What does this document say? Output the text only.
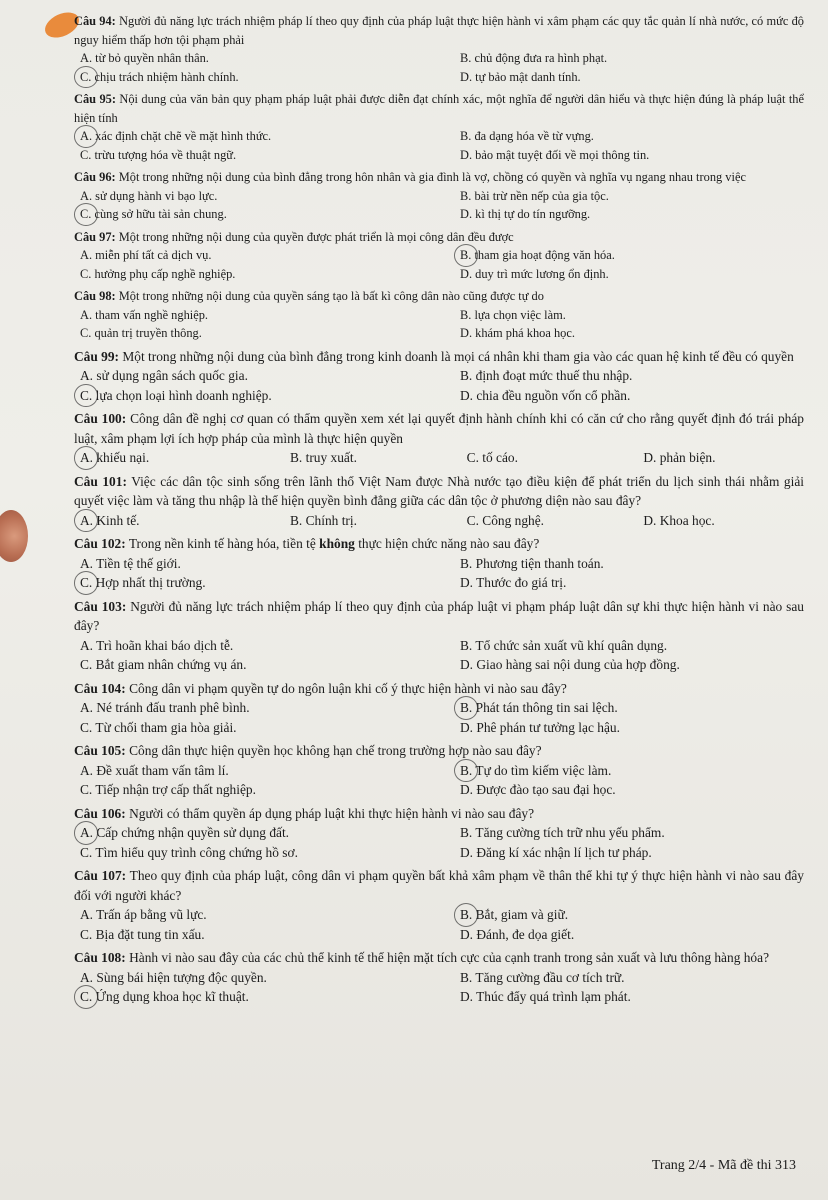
Câu 94: Người đủ năng lực trách nhiệm pháp lí theo quy định của pháp luật thực hiện hành vi xâm phạm các quy tắc quản lí nhà nước, có mức độ nguy hiểm thấp hơn tội phạm phải
A. từ bỏ quyền nhân thân.	B. chủ động đưa ra hình phạt.
C. chịu trách nhiệm hành chính.	D. tự bảo mật danh tính.
Câu 95: Nội dung của văn bản quy phạm pháp luật phải được diễn đạt chính xác, một nghĩa để người dân hiểu và thực hiện đúng là pháp luật thể hiện tính
A. xác định chặt chẽ về mặt hình thức.	B. đa dạng hóa về từ vựng.
C. trừu tượng hóa về thuật ngữ.	D. bảo mật tuyệt đối về mọi thông tin.
Câu 96: Một trong những nội dung của bình đẳng trong hôn nhân và gia đình là vợ, chồng có quyền và nghĩa vụ ngang nhau trong việc
A. sử dụng hành vi bạo lực.	B. bài trừ nền nếp của gia tộc.
C. cùng sở hữu tài sản chung.	D. kì thị tự do tín ngưỡng.
Câu 97: Một trong những nội dung của quyền được phát triển là mọi công dân đều được
A. miễn phí tất cả dịch vụ.	B. tham gia hoạt động văn hóa.
C. hưởng phụ cấp nghề nghiệp.	D. duy trì mức lương ổn định.
Câu 98: Một trong những nội dung của quyền sáng tạo là bất kì công dân nào cũng được tự do
A. tham vấn nghề nghiệp.	B. lựa chọn việc làm.
C. quản trị truyền thông.	D. khám phá khoa học.
Câu 99: Một trong những nội dung của bình đẳng trong kinh doanh là mọi cá nhân khi tham gia vào các quan hệ kinh tế đều có quyền
A. sử dụng ngân sách quốc gia.	B. định đoạt mức thuế thu nhập.
C. lựa chọn loại hình doanh nghiệp.	D. chia đều nguồn vốn cổ phần.
Câu 100: Công dân đề nghị cơ quan có thẩm quyền xem xét lại quyết định hành chính khi có căn cứ cho rằng quyết định đó trái pháp luật, xâm phạm lợi ích hợp pháp của mình là thực hiện quyền
A. khiếu nại.	B. truy xuất.	C. tố cáo.	D. phản biện.
Câu 101: Việc các dân tộc sinh sống trên lãnh thổ Việt Nam được Nhà nước tạo điều kiện để phát triển du lịch sinh thái nhằm giải quyết việc làm và tăng thu nhập là thể hiện quyền bình đẳng giữa các dân tộc ở phương diện nào sau đây?
A. Kinh tế.	B. Chính trị.	C. Công nghệ.	D. Khoa học.
Câu 102: Trong nền kinh tế hàng hóa, tiền tệ không thực hiện chức năng nào sau đây?
A. Tiền tệ thế giới.	B. Phương tiện thanh toán.
C. Hợp nhất thị trường.	D. Thước đo giá trị.
Câu 103: Người đủ năng lực trách nhiệm pháp lí theo quy định của pháp luật vi phạm pháp luật dân sự khi thực hiện hành vi nào sau đây?
A. Trì hoãn khai báo dịch tễ.	B. Tổ chức sản xuất vũ khí quân dụng.
C. Bắt giam nhân chứng vụ án.	D. Giao hàng sai nội dung của hợp đồng.
Câu 104: Công dân vi phạm quyền tự do ngôn luận khi cố ý thực hiện hành vi nào sau đây?
A. Né tránh đấu tranh phê bình.	B. Phát tán thông tin sai lệch.
C. Từ chối tham gia hòa giải.	D. Phê phán tư tưởng lạc hậu.
Câu 105: Công dân thực hiện quyền học không hạn chế trong trường hợp nào sau đây?
A. Đề xuất tham vấn tâm lí.	B. Tự do tìm kiếm việc làm.
C. Tiếp nhận trợ cấp thất nghiệp.	D. Được đào tạo sau đại học.
Câu 106: Người có thẩm quyền áp dụng pháp luật khi thực hiện hành vi nào sau đây?
A. Cấp chứng nhận quyền sử dụng đất.	B. Tăng cường tích trữ nhu yếu phẩm.
C. Tìm hiểu quy trình công chứng hồ sơ.	D. Đăng kí xác nhận lí lịch tư pháp.
Câu 107: Theo quy định của pháp luật, công dân vi phạm quyền bất khả xâm phạm về thân thể khi tự ý thực hiện hành vi nào sau đây đối với người khác?
A. Trấn áp bằng vũ lực.	B. Bắt, giam và giữ.
C. Bịa đặt tung tin xấu.	D. Đánh, đe dọa giết.
Câu 108: Hành vi nào sau đây của các chủ thể kinh tế thể hiện mặt tích cực của cạnh tranh trong sản xuất và lưu thông hàng hóa?
A. Sùng bái hiện tượng độc quyền.	B. Tăng cường đầu cơ tích trữ.
C. Ứng dụng khoa học kĩ thuật.	D. Thúc đẩy quá trình lạm phát.
Trang 2/4 - Mã đề thi 313
